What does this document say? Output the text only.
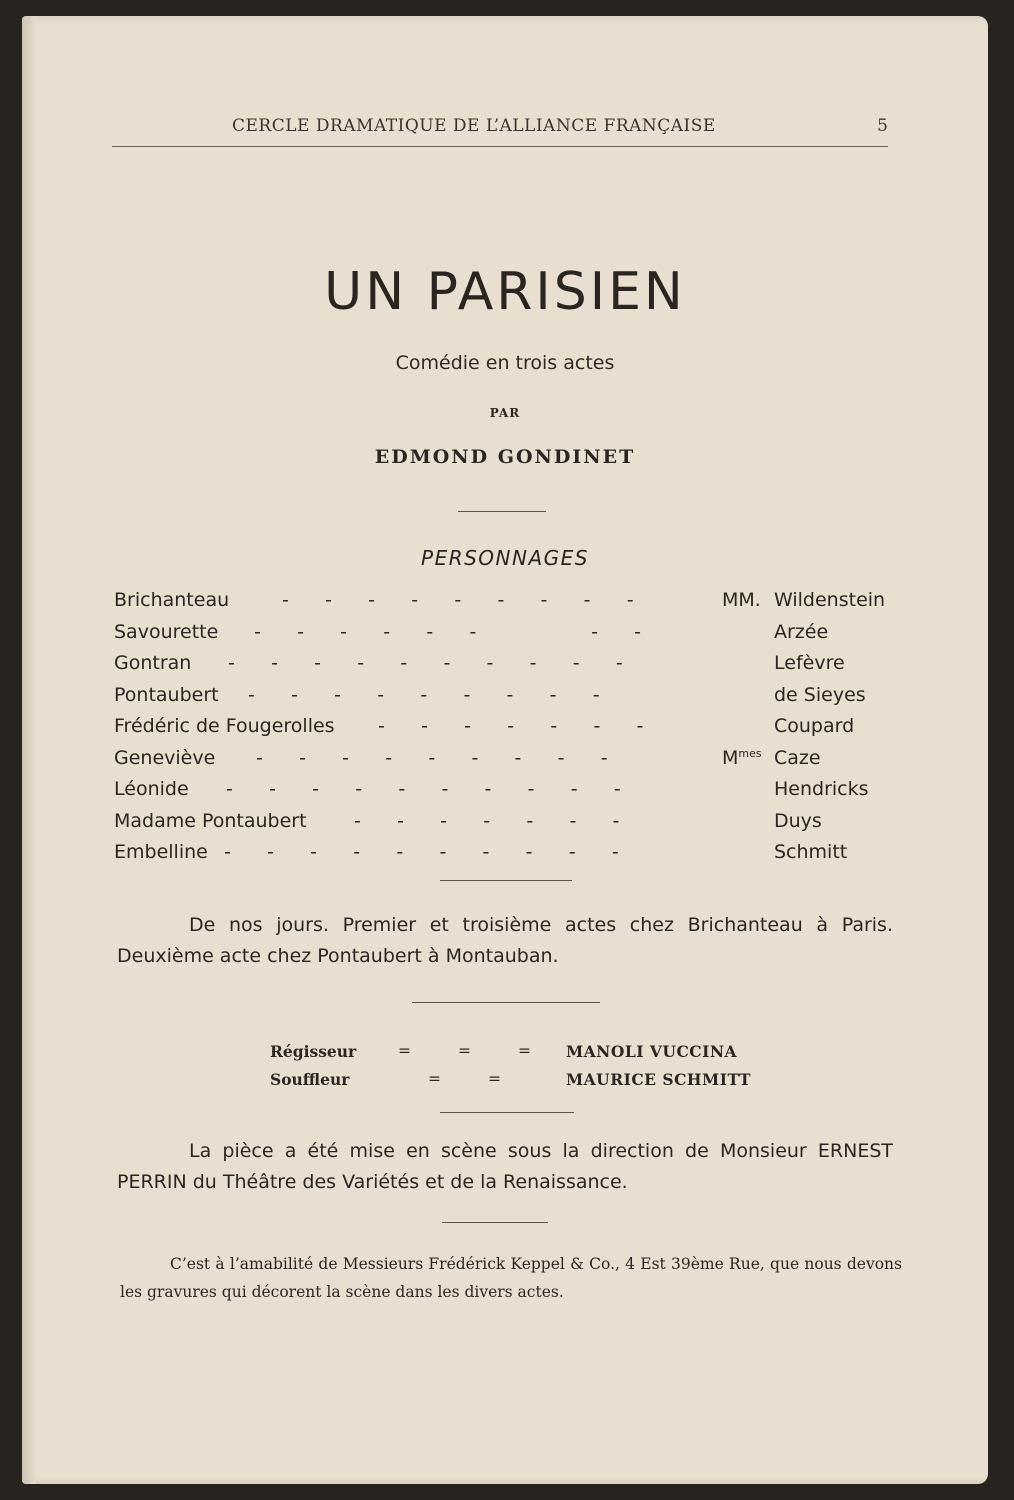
CERCLE DRAMATIQUE DE L’ALLIANCE FRANÇAISE	5
UN PARISIEN
Comédie en trois actes
PAR
EDMOND GONDINET
PERSONNAGES
Brichanteau	-      -      -      -      -      -      -      -      -	MM. Wildenstein
Savourette -      -      -      -      -      -                   -      -	Arzée
Gontran -      -      -      -      -      -      -      -      -      -	Lefèvre
Pontaubert -      -      -      -      -      -      -      -      -	de Sieyes
Frédéric de Fougerolles -      -      -      -      -      -      -	Coupard
Geneviève -      -      -      -      -      -      -      -      -	$M^{mes}$ Caze
Léonide -      -      -      -      -      -      -      -      -      -	Hendricks
Madame Pontaubert -      -      -      -      -      -      -	Duys
Embelline -      -      -      -      -      -      -      -      -      -	Schmitt
De nos jours. Premier et troisième actes chez Brichanteau à Paris. Deuxième acte chez Pontaubert à Montauban.
Régisseur	=	=	= MANOLI VUCCINA
Souffleur	=	=	MAURICE SCHMITT
La pièce a été mise en scène sous la direction de Monsieur ERNEST PERRIN du Théâtre des Variétés et de la Renaissance.
C’est à l’amabilité de Messieurs Frédérick Keppel & Co., 4 Est 39ème Rue, que nous devons les gravures qui décorent la scène dans les divers actes.
